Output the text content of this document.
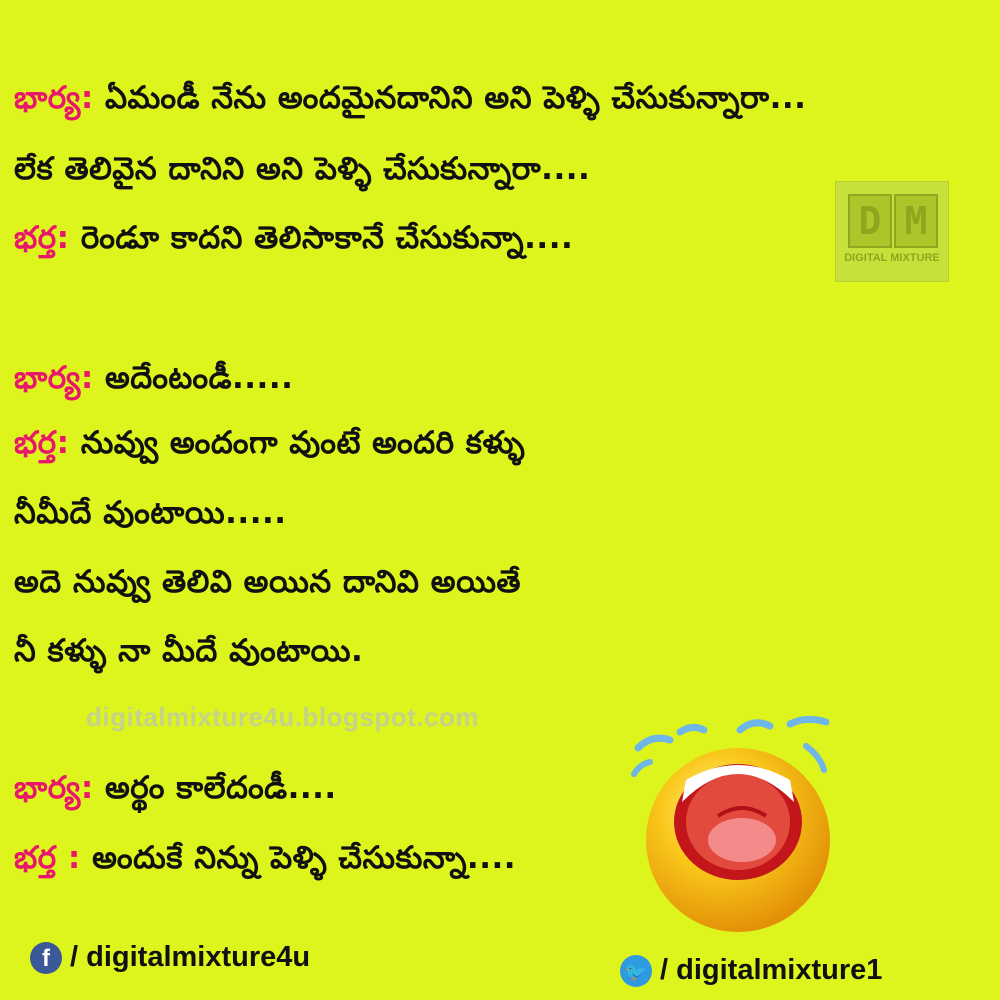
భార్య: ఏమండీ నేను అందమైనదానిని అని పెళ్ళి చేసుకున్నారా...
లేక తెలివైన దానిని అని పెళ్ళి చేసుకున్నారా....
భర్త: రెండూ కాదని తెలిసాకానే చేసుకున్నా....
భార్య: అదేంటండీ.....
భర్త: నువ్వు అందంగా వుంటే అందరి కళ్ళు
నీమీదే వుంటాయి.....
అదె నువ్వు తెలివి అయిన దానివి అయితే
నీ కళ్ళు నా మీదే వుంటాయి.
భార్య: అర్థం కాలేదండీ....
భర్త : అందుకే నిన్ను పెళ్ళి చేసుకున్నా....
D M
DIGITAL MIXTURE
digitalmixture4u.blogspot.com
f / digitalmixture4u	🐦 / digitalmixture1
